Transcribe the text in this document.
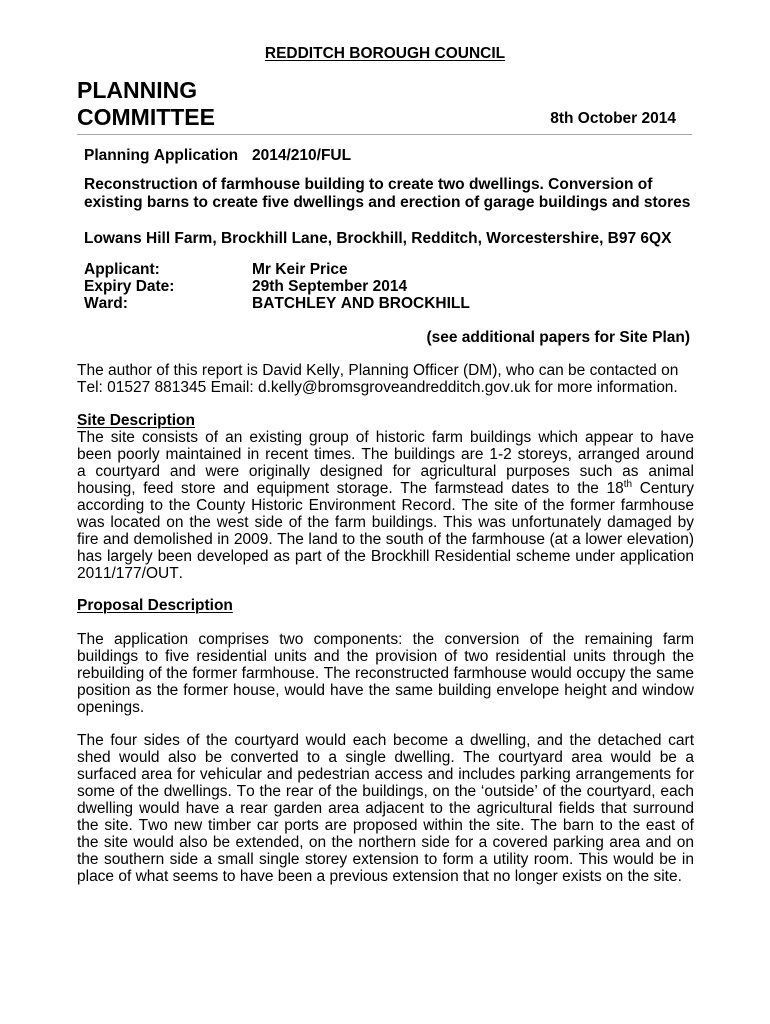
REDDITCH BOROUGH COUNCIL
PLANNING
COMMITTEE	8th October 2014
Planning Application 2014/210/FUL
Reconstruction of farmhouse building to create two dwellings. Conversion of
existing barns to create five dwellings and erection of garage buildings and stores
Lowans Hill Farm, Brockhill Lane, Brockhill, Redditch, Worcestershire, B97 6QX
Applicant:	Mr Keir Price
Expiry Date:	29th September 2014
Ward:	BATCHLEY AND BROCKHILL
(see additional papers for Site Plan)
The author of this report is David Kelly, Planning Officer (DM), who can be contacted on
Tel: 01527 881345 Email: d.kelly@bromsgroveandredditch.gov.uk for more information.
Site Description
The site consists of an existing group of historic farm buildings which appear to have
been poorly maintained in recent times. The buildings are 1-2 storeys, arranged around
a courtyard and were originally designed for agricultural purposes such as animal
housing, feed store and equipment storage. The farmstead dates to the 18th Century
according to the County Historic Environment Record. The site of the former farmhouse
was located on the west side of the farm buildings. This was unfortunately damaged by
fire and demolished in 2009. The land to the south of the farmhouse (at a lower elevation)
has largely been developed as part of the Brockhill Residential scheme under application
2011/177/OUT.
Proposal Description
The application comprises two components: the conversion of the remaining farm
buildings to five residential units and the provision of two residential units through the
rebuilding of the former farmhouse. The reconstructed farmhouse would occupy the same
position as the former house, would have the same building envelope height and window
openings.
The four sides of the courtyard would each become a dwelling, and the detached cart
shed would also be converted to a single dwelling. The courtyard area would be a
surfaced area for vehicular and pedestrian access and includes parking arrangements for
some of the dwellings. To the rear of the buildings, on the ‘outside’ of the courtyard, each
dwelling would have a rear garden area adjacent to the agricultural fields that surround
the site. Two new timber car ports are proposed within the site. The barn to the east of
the site would also be extended, on the northern side for a covered parking area and on
the southern side a small single storey extension to form a utility room. This would be in
place of what seems to have been a previous extension that no longer exists on the site.
